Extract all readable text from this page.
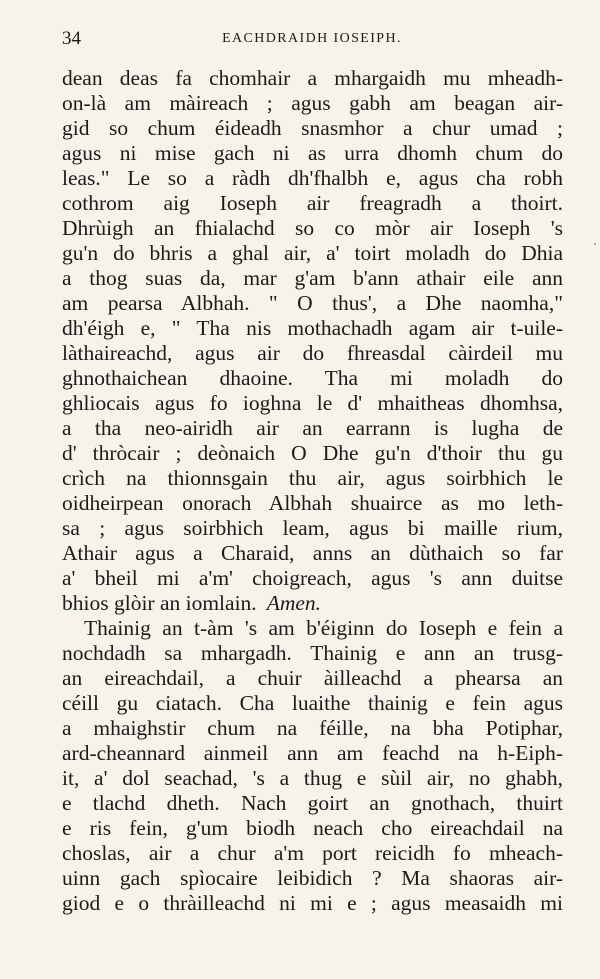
34	EACHDRAIDH IOSEIPH.
dean deas fa chomhair a mhargaidh mu mheadh-
on-là am màireach ; agus gabh am beagan air-
gid so chum éideadh snasmhor a chur umad ;
agus ni mise gach ni as urra dhomh chum do
leas." Le so a ràdh dh'fhalbh e, agus cha robh
cothrom aig Ioseph air freagradh a thoirt.
Dhrùigh an fhialachd so co mòr air Ioseph 's
gu'n do bhris a ghal air, a' toirt moladh do Dhia
a thog suas da, mar g'am b'ann athair eile ann
am pearsa Albhah. " O thus', a Dhe naomha,"
dh'éigh e, " Tha nis mothachadh agam air t-uile-
làthaireachd, agus air do fhreasdal càirdeil mu
ghnothaichean dhaoine. Tha mi moladh do
ghliocais agus fo ioghna le d' mhaitheas dhomhsa,
a tha neo-airidh air an earrann is lugha de
d' thròcair ; deònaich O Dhe gu'n d'thoir thu gu
crìch na thionnsgain thu air, agus soirbhich le
oidheirpean onorach Albhah shuairce as mo leth-
sa ; agus soirbhich leam, agus bi maille rium,
Athair agus a Charaid, anns an dùthaich so far
a' bheil mi a'm' choigreach, agus 's ann duitse
bhios glòir an iomlain. Amen.
Thainig an t-àm 's am b'éiginn do Ioseph e fein a
nochdadh sa mhargadh. Thainig e ann an trusg-
an eireachdail, a chuir àilleachd a phearsa an
céill gu ciatach. Cha luaithe thainig e fein agus
a mhaighstir chum na féille, na bha Potiphar,
ard-cheannard ainmeil ann am feachd na h-Eiph-
it, a' dol seachad, 's a thug e sùil air, no ghabh,
e tlachd dheth. Nach goirt an gnothach, thuirt
e ris fein, g'um biodh neach cho eireachdail na
choslas, air a chur a'm port reicidh fo mheach-
uinn gach spìocaire leibidich ? Ma shaoras air-
giod e o thràilleachd ni mi e ; agus measaidh mi
